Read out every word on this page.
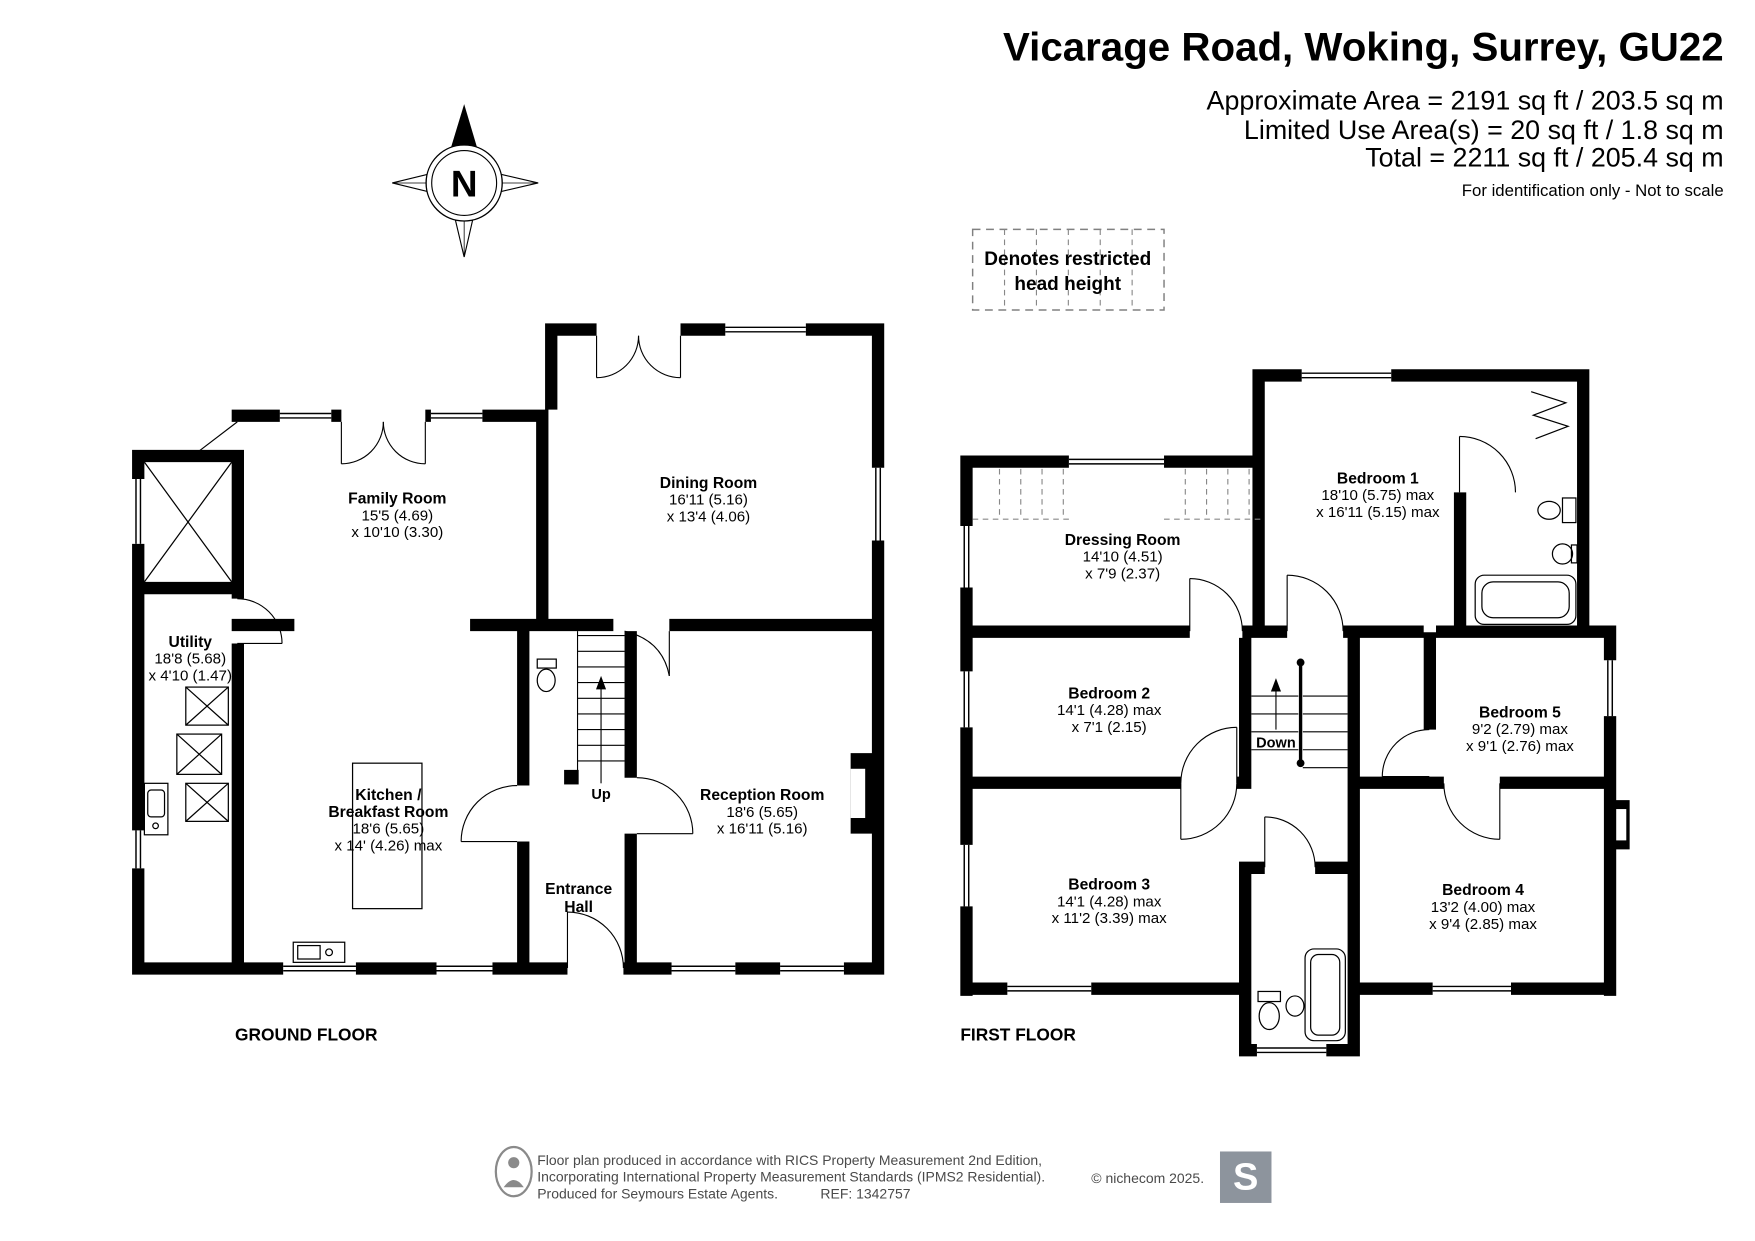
Vicarage Road, Woking, Surrey, GU22
Approximate Area = 2191 sq ft / 203.5 sq m
Limited Use Area(s) = 20 sq ft / 1.8 sq m
Total = 2211 sq ft / 205.4 sq m
For identification only - Not to scale
Denotes restricted
head height
N
Family Room
15'5 (4.69)
x 10'10 (3.30)
Dining Room
16'11 (5.16)
x 13'4 (4.06)
Utility
18'8 (5.68)
x 4'10 (1.47)
Kitchen /
Breakfast Room
18'6 (5.65)
x 14' (4.26) max
Entrance
Hall
Reception Room
18'6 (5.65)
x 16'11 (5.16)
Up
GROUND FLOOR
Dressing Room
14'10 (4.51)
x 7'9 (2.37)
Bedroom 1
18'10 (5.75) max
x 16'11 (5.15) max
Bedroom 2
14'1 (4.28) max
x 7'1 (2.15)
Bedroom 3
14'1 (4.28) max
x 11'2 (3.39) max
Bedroom 4
13'2 (4.00) max
x 9'4 (2.85) max
Bedroom 5
9'2 (2.79) max
x 9'1 (2.76) max
Down
FIRST FLOOR
Floor plan produced in accordance with RICS Property Measurement 2nd Edition,
Incorporating International Property Measurement Standards (IPMS2 Residential).
Produced for Seymours Estate Agents.	REF: 1342757
© nichecom 2025. S
